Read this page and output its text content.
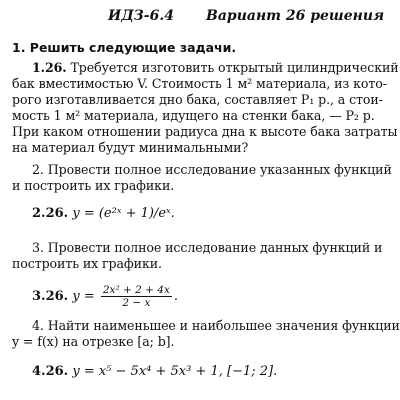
ИДЗ-6.4 Вариант 26 решения
1. Решить следующие задачи.
1.26. Требуется изготовить открытый цилиндрический
бак вместимостью V. Стоимость 1 м² материала, из кото-
рого изготавливается дно бака, составляет P₁ р., а стои-
мость 1 м² материала, идущего на стенки бака, — P₂ р.
При каком отношении радиуса дна к высоте бака затраты
на материал будут минимальными?
2. Провести полное исследование указанных функций
и построить их графики.
2.26. y = (e²ˣ + 1)/eˣ.
3. Провести полное исследование данных функций и
построить их графики.
3.26. $y = \frac{\text{2x² + 2 + 4x}}{2 - x}$ .
4. Найти наименьшее и наибольшее значения функции
y = f(x) на отрезке [a; b].
4.26. y = x⁵ − 5x⁴ + 5x³ + 1, [−1; 2].
